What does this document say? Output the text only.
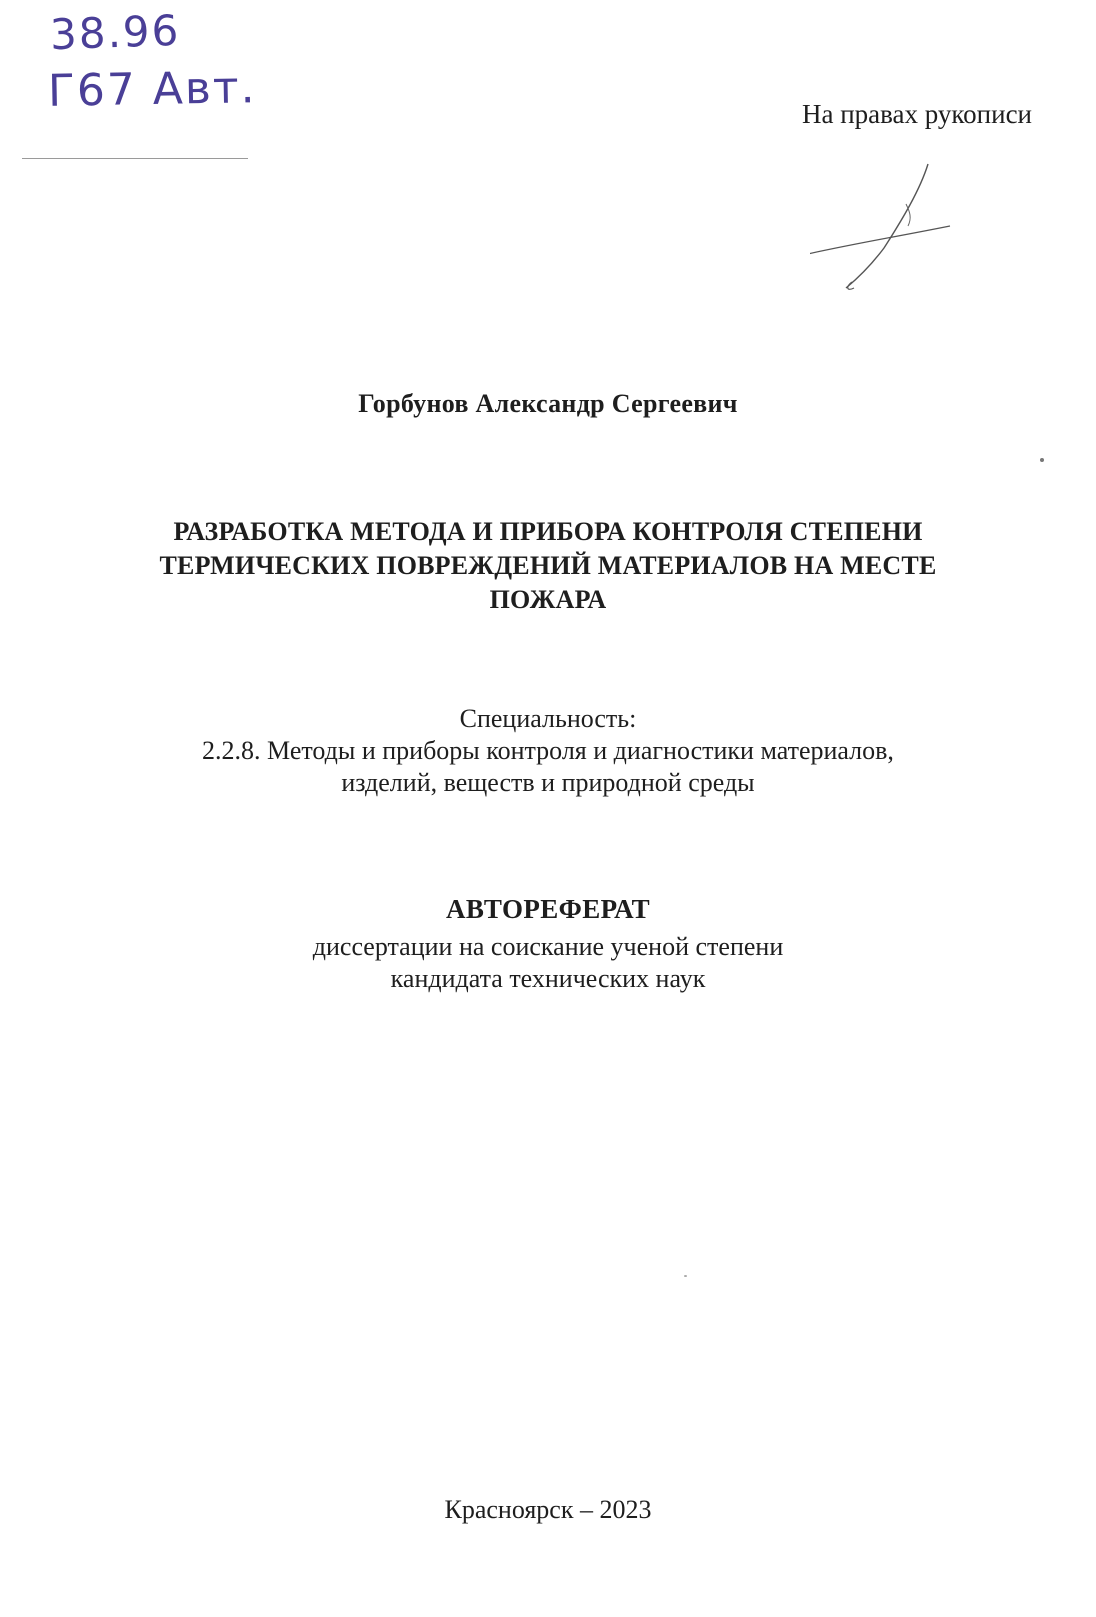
38.96
Г67 Авт.	На правах рукописи
Горбунов Александр Сергеевич
РАЗРАБОТКА МЕТОДА И ПРИБОРА КОНТРОЛЯ СТЕПЕНИ
ТЕРМИЧЕСКИХ ПОВРЕЖДЕНИЙ МАТЕРИАЛОВ НА МЕСТЕ
ПОЖАРА
Специальность:
2.2.8. Методы и приборы контроля и диагностики материалов,
изделий, веществ и природной среды
АВТОРЕФЕРАТ
диссертации на соискание ученой степени
кандидата технических наук
Красноярск – 2023
